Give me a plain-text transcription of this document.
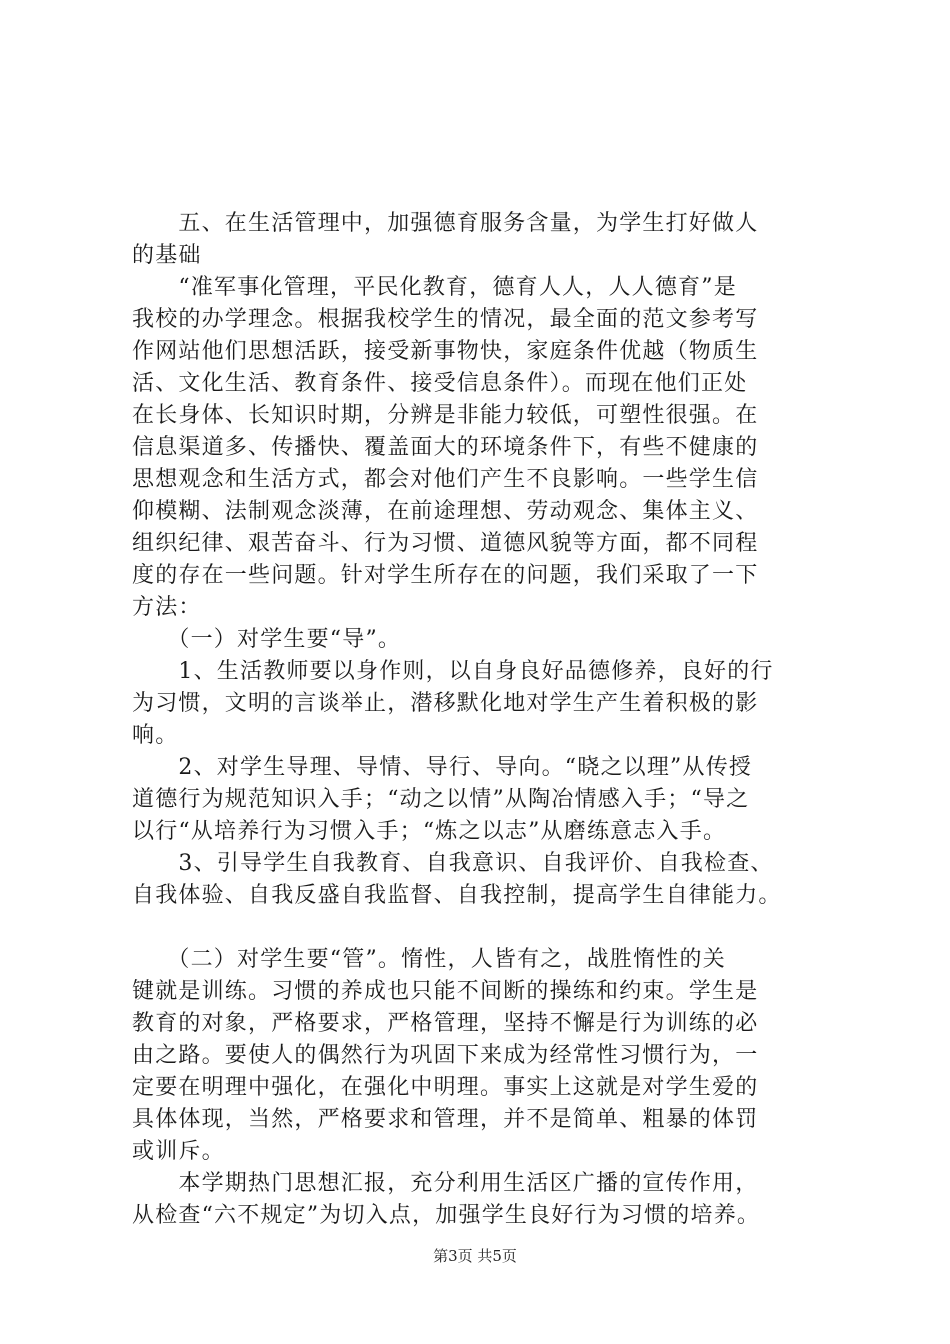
　　五、在生活管理中，加强德育服务含量，为学生打好做人
的基础
　　“准军事化管理，平民化教育，德育人人，人人德育”是
我校的办学理念。根据我校学生的情况，最全面的范文参考写
作网站他们思想活跃，接受新事物快，家庭条件优越（物质生
活、文化生活、教育条件、接受信息条件）。而现在他们正处
在长身体、长知识时期，分辨是非能力较低，可塑性很强。在
信息渠道多、传播快、覆盖面大的环境条件下，有些不健康的
思想观念和生活方式，都会对他们产生不良影响。一些学生信
仰模糊、法制观念淡薄，在前途理想、劳动观念、集体主义、
组织纪律、艰苦奋斗、行为习惯、道德风貌等方面，都不同程
度的存在一些问题。针对学生所存在的问题，我们采取了一下
方法：
　　（一）对学生要“导”。
　　1、生活教师要以身作则，以自身良好品德修养，良好的行
为习惯，文明的言谈举止，潜移默化地对学生产生着积极的影
响。
　　2、对学生导理、导情、导行、导向。“晓之以理”从传授
道德行为规范知识入手；“动之以情”从陶冶情感入手；“导之
以行“从培养行为习惯入手；“炼之以志”从磨练意志入手。
　　3、引导学生自我教育、自我意识、自我评价、自我检查、
自我体验、自我反盛自我监督、自我控制，提高学生自律能力。
　　（二）对学生要“管”。惰性，人皆有之，战胜惰性的关
键就是训练。习惯的养成也只能不间断的操练和约束。学生是
教育的对象，严格要求，严格管理，坚持不懈是行为训练的必
由之路。要使人的偶然行为巩固下来成为经常性习惯行为，一
定要在明理中强化，在强化中明理。事实上这就是对学生爱的
具体体现，当然，严格要求和管理，并不是简单、粗暴的体罚
或训斥。
　　本学期热门思想汇报，充分利用生活区广播的宣传作用，
从检查“六不规定”为切入点，加强学生良好行为习惯的培养。
第3页 共5页
